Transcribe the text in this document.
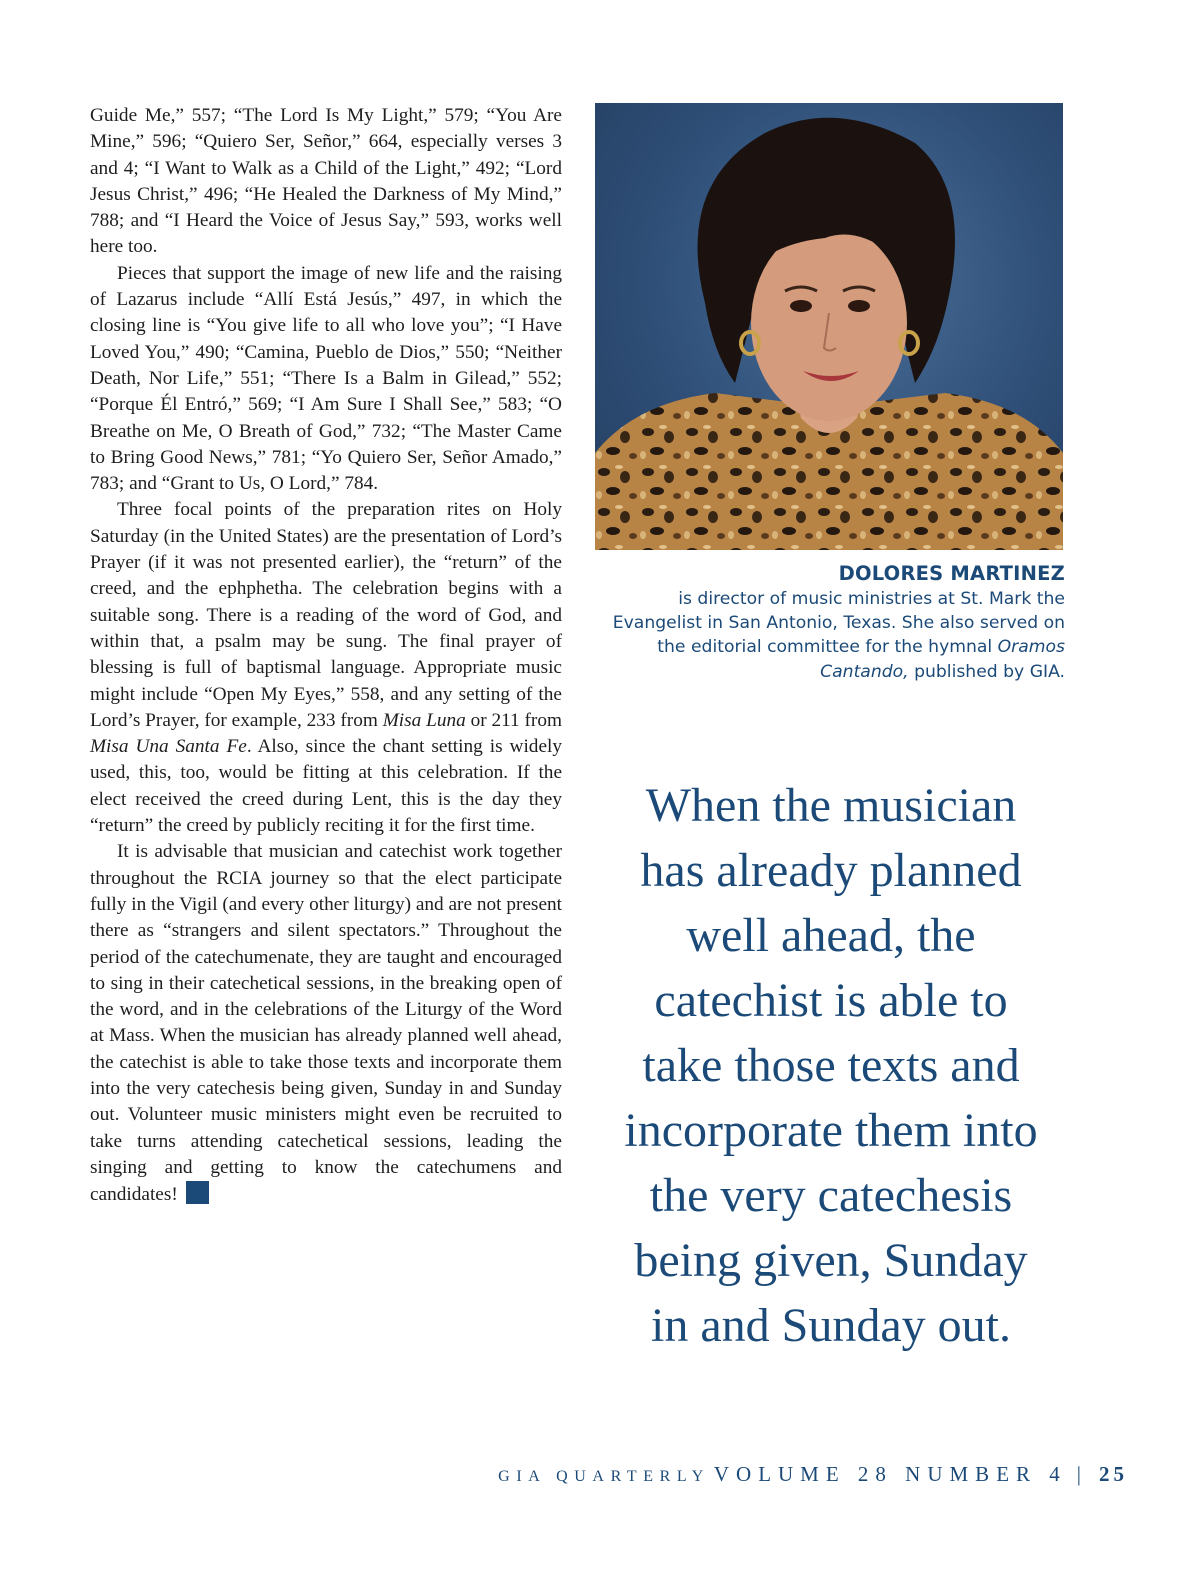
Guide Me,” 557; “The Lord Is My Light,” 579; “You Are Mine,” 596; “Quiero Ser, Señor,” 664, especially verses 3 and 4; “I Want to Walk as a Child of the Light,” 492; “Lord Jesus Christ,” 496; “He Healed the Darkness of My Mind,” 788; and “I Heard the Voice of Jesus Say,” 593, works well here too.

Pieces that support the image of new life and the raising of Lazarus include “Allí Está Jesús,” 497, in which the closing line is “You give life to all who love you”; “I Have Loved You,” 490; “Camina, Pueblo de Dios,” 550; “Neither Death, Nor Life,” 551; “There Is a Balm in Gilead,” 552; “Porque Él Entró,” 569; “I Am Sure I Shall See,” 583; “O Breathe on Me, O Breath of God,” 732; “The Master Came to Bring Good News,” 781; “Yo Quiero Ser, Señor Amado,” 783; and “Grant to Us, O Lord,” 784.

Three focal points of the preparation rites on Holy Saturday (in the United States) are the presentation of Lord’s Prayer (if it was not presented earlier), the “return” of the creed, and the ephphetha. The celebration begins with a suitable song. There is a reading of the word of God, and within that, a psalm may be sung. The final prayer of blessing is full of baptismal language. Appropriate music might include “Open My Eyes,” 558, and any setting of the Lord’s Prayer, for example, 233 from Misa Luna or 211 from Misa Una Santa Fe. Also, since the chant setting is widely used, this, too, would be fitting at this celebration. If the elect received the creed during Lent, this is the day they “return” the creed by publicly reciting it for the first time.

It is advisable that musician and catechist work together throughout the RCIA journey so that the elect participate fully in the Vigil (and every other liturgy) and are not present there as “strangers and silent spectators.” Throughout the period of the catechumenate, they are taught and encouraged to sing in their catechetical sessions, in the breaking open of the word, and in the celebrations of the Liturgy of the Word at Mass. When the musician has already planned well ahead, the catechist is able to take those texts and incorporate them into the very catechesis being given, Sunday in and Sunday out. Volunteer music ministers might even be recruited to take turns attending catechetical sessions, leading the singing and getting to know the catechumens and candidates!

DOLORES MARTINEZ
is director of music ministries at St. Mark the Evangelist in San Antonio, Texas. She also served on the editorial committee for the hymnal Oramos Cantando, published by GIA.
When the musician
has already planned
well ahead, the
catechist is able to
take those texts and
incorporate them into
the very catechesis
being given, Sunday
in and Sunday out.
GIA QUARTERLY VOLUME 28 NUMBER 4 | 25
